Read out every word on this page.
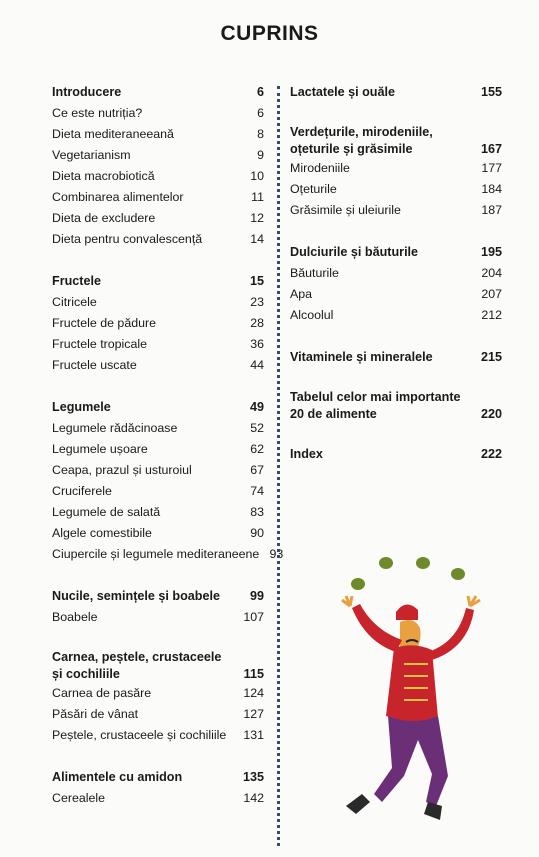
CUPRINS
Introducere	6
Ce este nutriția?	6
Dieta mediteraneeană	8
Vegetarianism	9
Dieta macrobiotică	10
Combinarea alimentelor	11
Dieta de excludere	12
Dieta pentru convalescență	14
Fructele	15
Citricele	23
Fructele de pădure	28
Fructele tropicale	36
Fructele uscate	44
Legumele	49
Legumele rădăcinoase	52
Legumele ușoare	62
Ceapa, prazul și usturoiul	67
Cruciferele	74
Legumele de salată	83
Algele comestibile	90
Ciupercile și legumele mediteraneene 93
Nucile, semințele și boabele	99
Boabele	107
Carnea, peștele, crustaceele
și cochiliile	115
Carnea de pasăre	124
Păsări de vânat	127
Peștele, crustaceele și cochiliile 131
Alimentele cu amidon	135
Cerealele	142
Lactatele și ouăle	155
Verdețurile, mirodeniile,
oțeturile și grăsimile	167
Mirodeniile	177
Oțeturile	184
Grăsimile și uleiurile	187
Dulciurile și băuturile	195
Băuturile	204
Apa	207
Alcoolul	212
Vitaminele și mineralele	215
Tabelul celor mai importante
20 de alimente	220
Index	222
